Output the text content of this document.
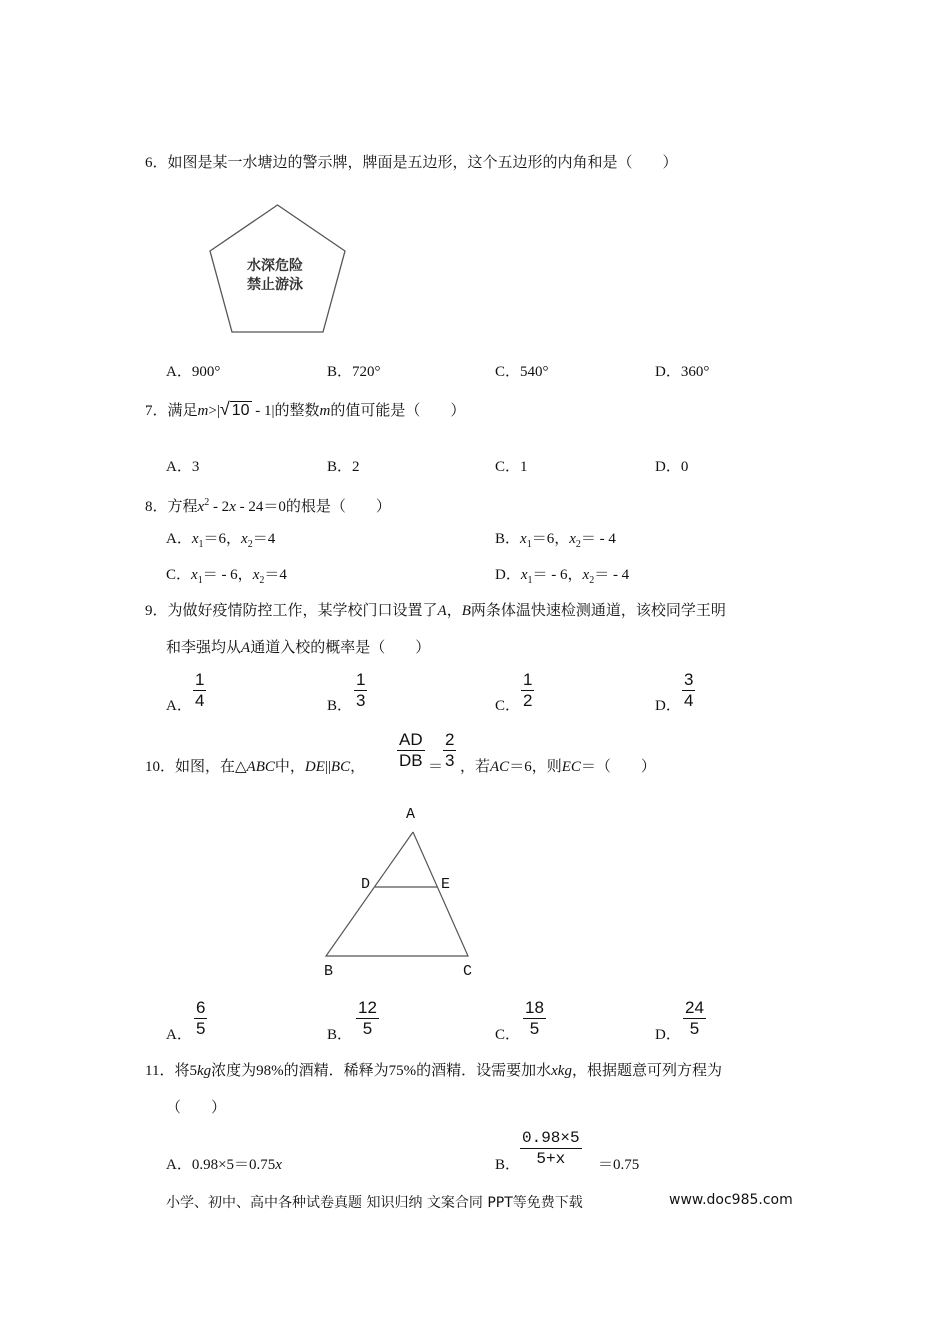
6．如图是某一水塘边的警示牌，牌面是五边形，这个五边形的内角和是（　　）
水深危险
禁止游泳
A．900°	B．720°	C．540°	D．360°
7．满足m>|√ 10 - 1|的整数m的值可能是（　　）
A．3	B．2	C．1	D．0
8．方程$x^2 - 2x - 24=0$的根是（　　）
A．$x_1=6$，$x_2=4$	B．$x_1=6$，$x_2= - 4$
C．$x_1= - 6$，$x_2=4$	D．$x_1= - 6$，$x_2= - 4$
9．为做好疫情防控工作，某学校门口设置了A，B两条体温快速检测通道，该校同学王明
和李强均从A通道入校的概率是（　　）
A．
1
4	B．
1
3	C．
1
2	D．
3
4
10．如图，在△ABC中，DE||BC，
AD
DB ＝
2
3 ，若AC＝6，则EC＝（　　）
A
D	E
B	C
A．
6
5	B．
12
5	C．
18
5	D．
24
5
11．将5kg浓度为98%的酒精．稀释为75%的酒精．设需要加水xkg，根据题意可列方程为
（　　）
A．0.98×5＝0.75x	B．
0.98×5
5+x ＝0.75
小学、初中、高中各种试卷真题 知识归纳 文案合同 PPT等免费下载	www.doc985.com
